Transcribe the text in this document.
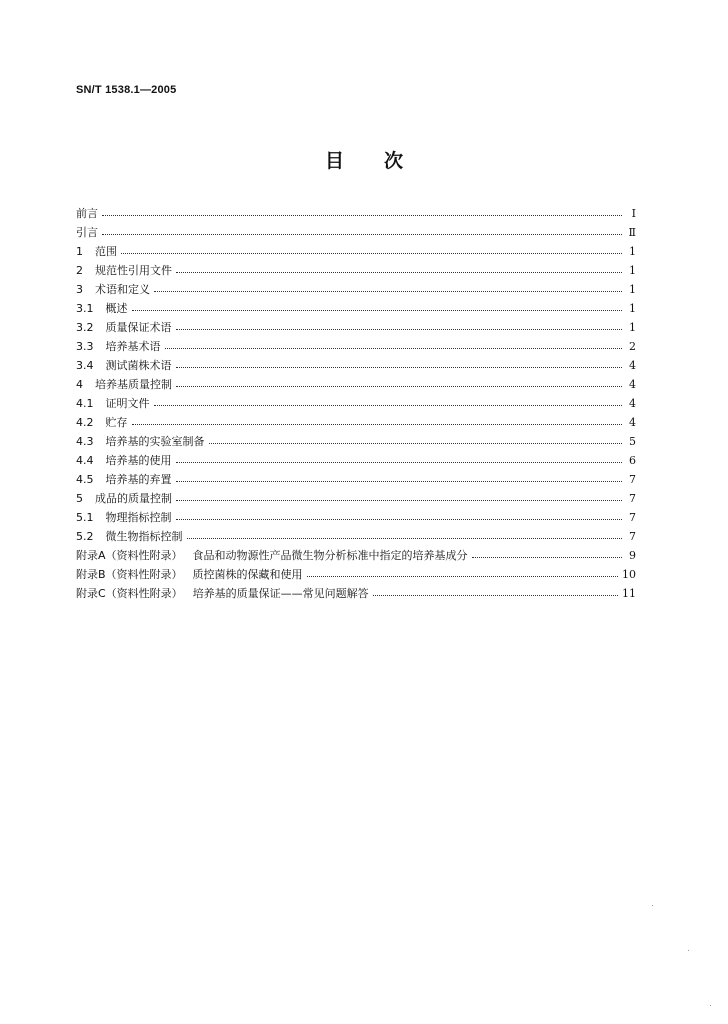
SN/T 1538.1—2005
目 次
前言	I
引言	Ⅱ
1 范围	1
2 规范性引用文件	1
3 术语和定义	1
3.1 概述	1
3.2 质量保证术语	1
3.3 培养基术语	2
3.4 测试菌株术语	4
4 培养基质量控制	4
4.1 证明文件	4
4.2 贮存	4
4.3 培养基的实验室制备	5
4.4 培养基的使用	6
4.5 培养基的弃置	7
5 成品的质量控制	7
5.1 物理指标控制	7
5.2 微生物指标控制	7
附录A（资料性附录） 食品和动物源性产品微生物分析标准中指定的培养基成分	9
附录B（资料性附录） 质控菌株的保藏和使用	10
附录C（资料性附录） 培养基的质量保证——常见问题解答	11
